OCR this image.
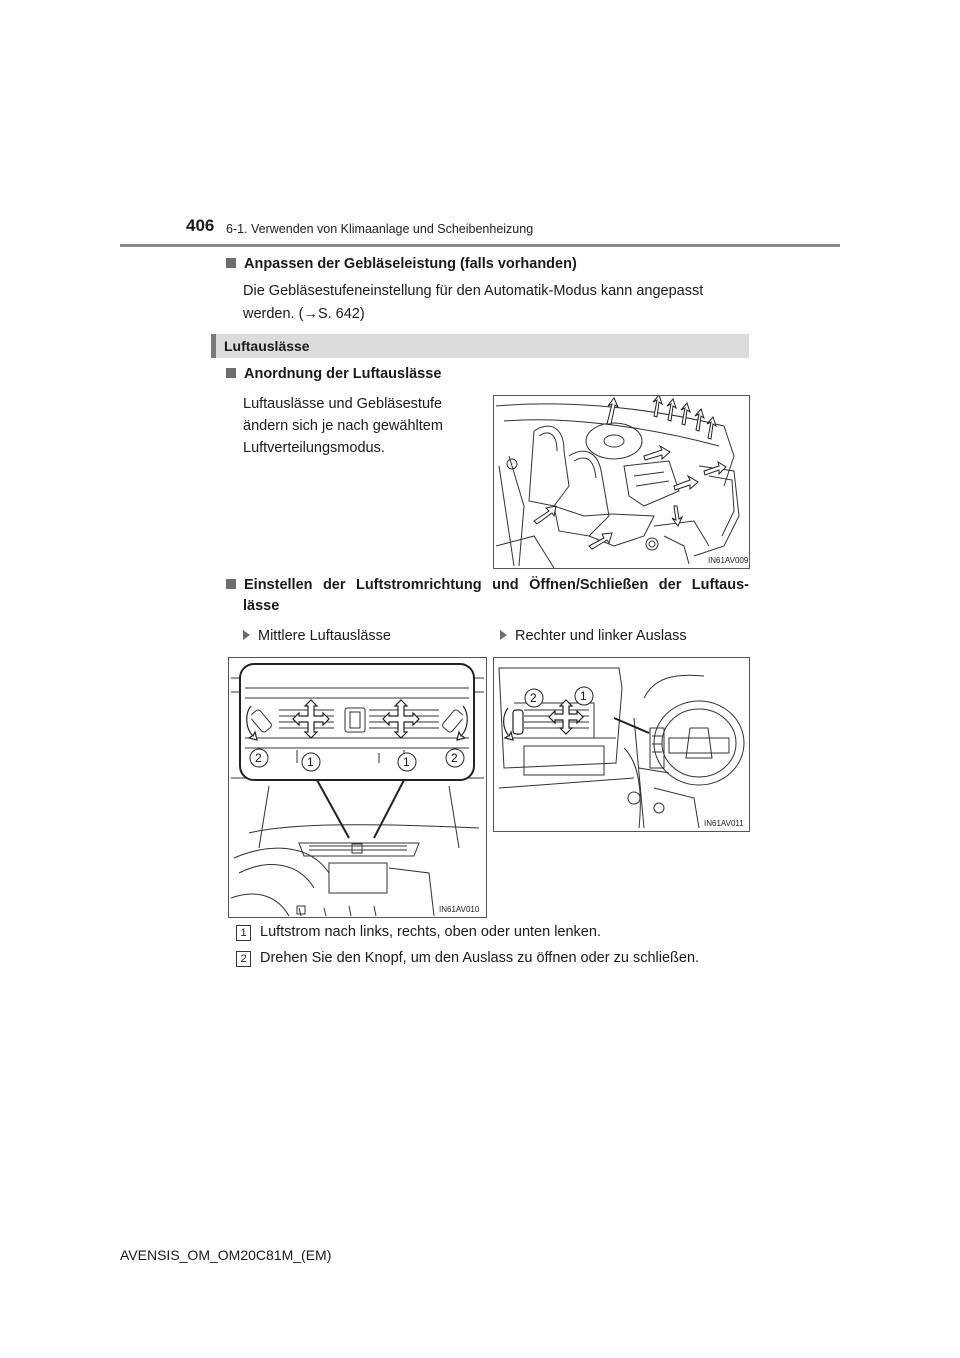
406 6-1. Verwenden von Klimaanlage und Scheibenheizung
Anpassen der Gebläseleistung (falls vorhanden)
Die Gebläsestufeneinstellung für den Automatik-Modus kann angepasst
werden. (→S. 642)
Luftauslässe
Anordnung der Luftauslässe
Luftauslässe und Gebläsestufe
ändern sich je nach gewähltem
Luftverteilungsmodus.
IN61AV009
Einstellen der Luftstromrichtung und Öffnen/Schließen der Luftaus-
lässe
Mittlere Luftauslässe	Rechter und linker Auslass
2	1	1	2
IN61AV010
2	1
IN61AV011
1 Luftstrom nach links, rechts, oben oder unten lenken.
2 Drehen Sie den Knopf, um den Auslass zu öffnen oder zu schließen.
AVENSIS_OM_OM20C81M_(EM)
